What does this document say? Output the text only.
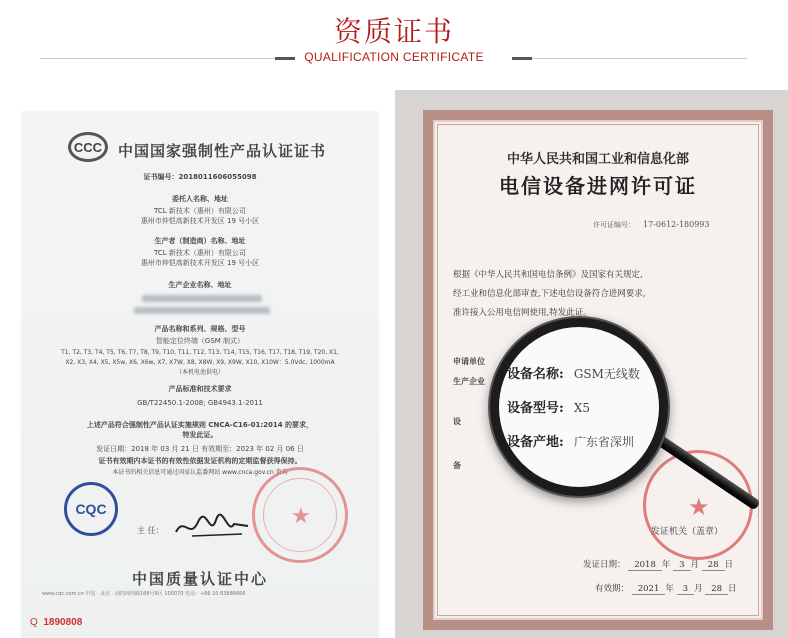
资质证书
QUALIFICATION CERTIFICATE
CCC	中国国家强制性产品认证证书
证书编号：2018011606055098
委托人名称、地址
TCL 新技术（惠州）有限公司
惠州市仲恺高新技术开发区 19 号小区
生产者（制造商）名称、地址
TCL 新技术（惠州）有限公司
惠州市仲恺高新技术开发区 19 号小区
生产企业名称、地址
产品名称和系列、规格、型号
智能定位终端（GSM 制式）
T1, T2, T3, T4, T5, T6, T7, T8, T9, T10, T11, T12, T13, T14, T15, T16, T17, T18, T19, T20, X1,
X2, X3, X4, X5, X5w, X6, X6w, X7, X7W, X8, X8W, X9, X9W, X10, X10W：5.0Vdc, 1000mA
（本机电池供电）
产品标准和技术要求
GB/T22450.1-2008; GB4943.1-2011
上述产品符合强制性产品认证实施规则 CNCA-C16-01:2014 的要求，
特发此证。
发证日期：2018 年 03 月 21 日 有效期至：2023 年 02 月 06 日
证书有效期内本证书的有效性依据发证机构的定期监督获得保持。
本证书的相关信息可通过国家认监委网站 www.cnca.gov.cn 查询
CQC
主 任：
★
中国质量认证中心
www.cqc.com.cn 中国 · 北京 · 南四环西路188号9区 100070 电话：+86 10 83886666
Q 1890808
中华人民共和国工业和信息化部
电信设备进网许可证
许可证编号： 17-0612-180993
根据《中华人民共和国电信条例》及国家有关规定,
经工业和信息化部审查,下述电信设备符合进网要求,
准许接入公用电信网使用,特发此证。
申请单位
生产企业
设
备
★
发证机关（盖章）
发证日期： 2018 年 3 月 28 日
有效期： 2021 年 3 月 28 日
设备名称: GSM无线数
设备型号: X5
设备产地: 广东省深圳
